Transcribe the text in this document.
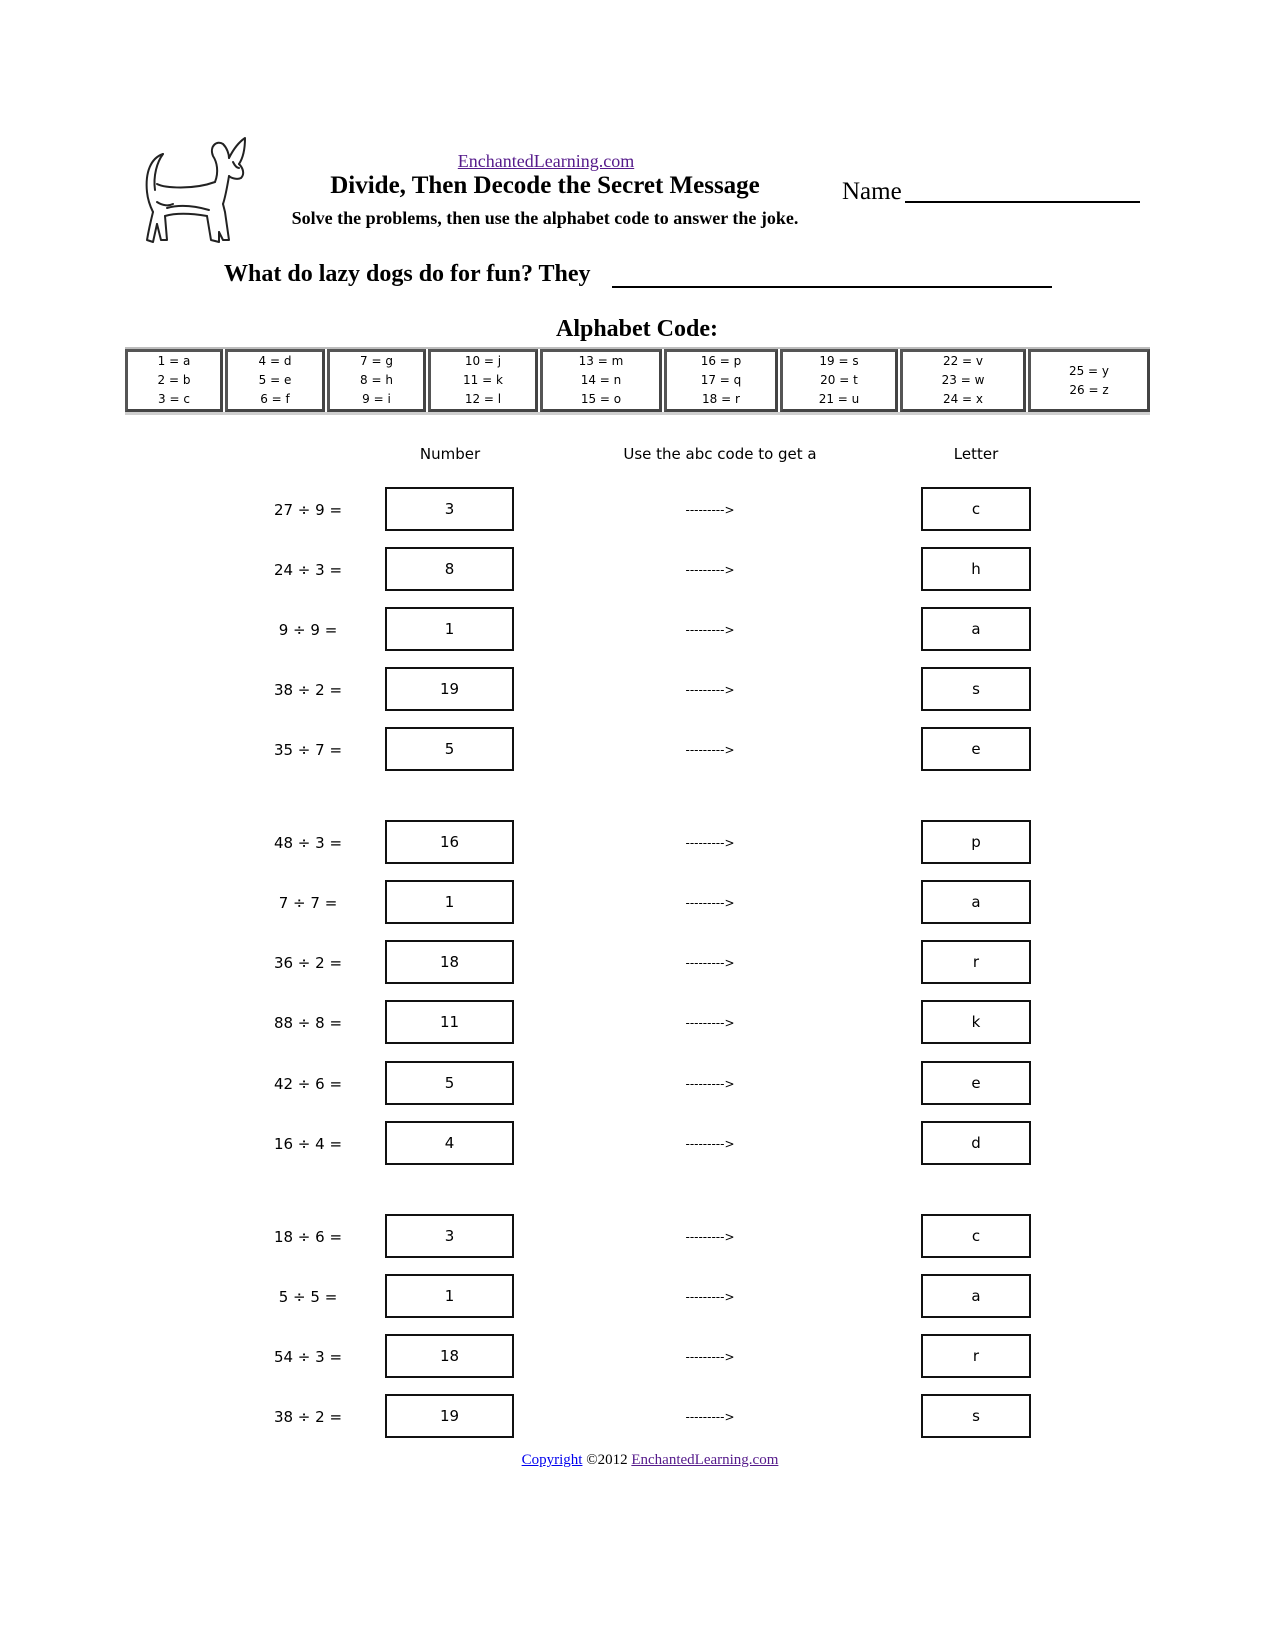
EnchantedLearning.com
Divide, Then Decode the Secret Message
Solve the problems, then use the alphabet code to answer the joke.
Name
What do lazy dogs do for fun? They
Alphabet Code:
1 = a
2 = b
3 = c
4 = d
5 = e
6 = f
7 = g
8 = h
9 = i
10 = j
11 = k
12 = l
13 = m
14 = n
15 = o
16 = p
17 = q
18 = r
19 = s
20 = t
21 = u
22 = v
23 = w
24 = x
25 = y
26 = z
Number	Use the abc code to get a	Letter
27 ÷ 9 =	3	--------->	c
24 ÷ 3 =	8	--------->	h
9 ÷ 9 =	1	--------->	a
38 ÷ 2 =	19	--------->	s
35 ÷ 7 =	5	--------->	e
48 ÷ 3 =	16	--------->	p
7 ÷ 7 =	1	--------->	a
36 ÷ 2 =	18	--------->	r
88 ÷ 8 =	11	--------->	k
42 ÷ 6 =	5	--------->	e
16 ÷ 4 =	4	--------->	d
18 ÷ 6 =	3	--------->	c
5 ÷ 5 =	1	--------->	a
54 ÷ 3 =	18	--------->	r
38 ÷ 2 =	19	--------->	s
Copyright ©2012 EnchantedLearning.com
